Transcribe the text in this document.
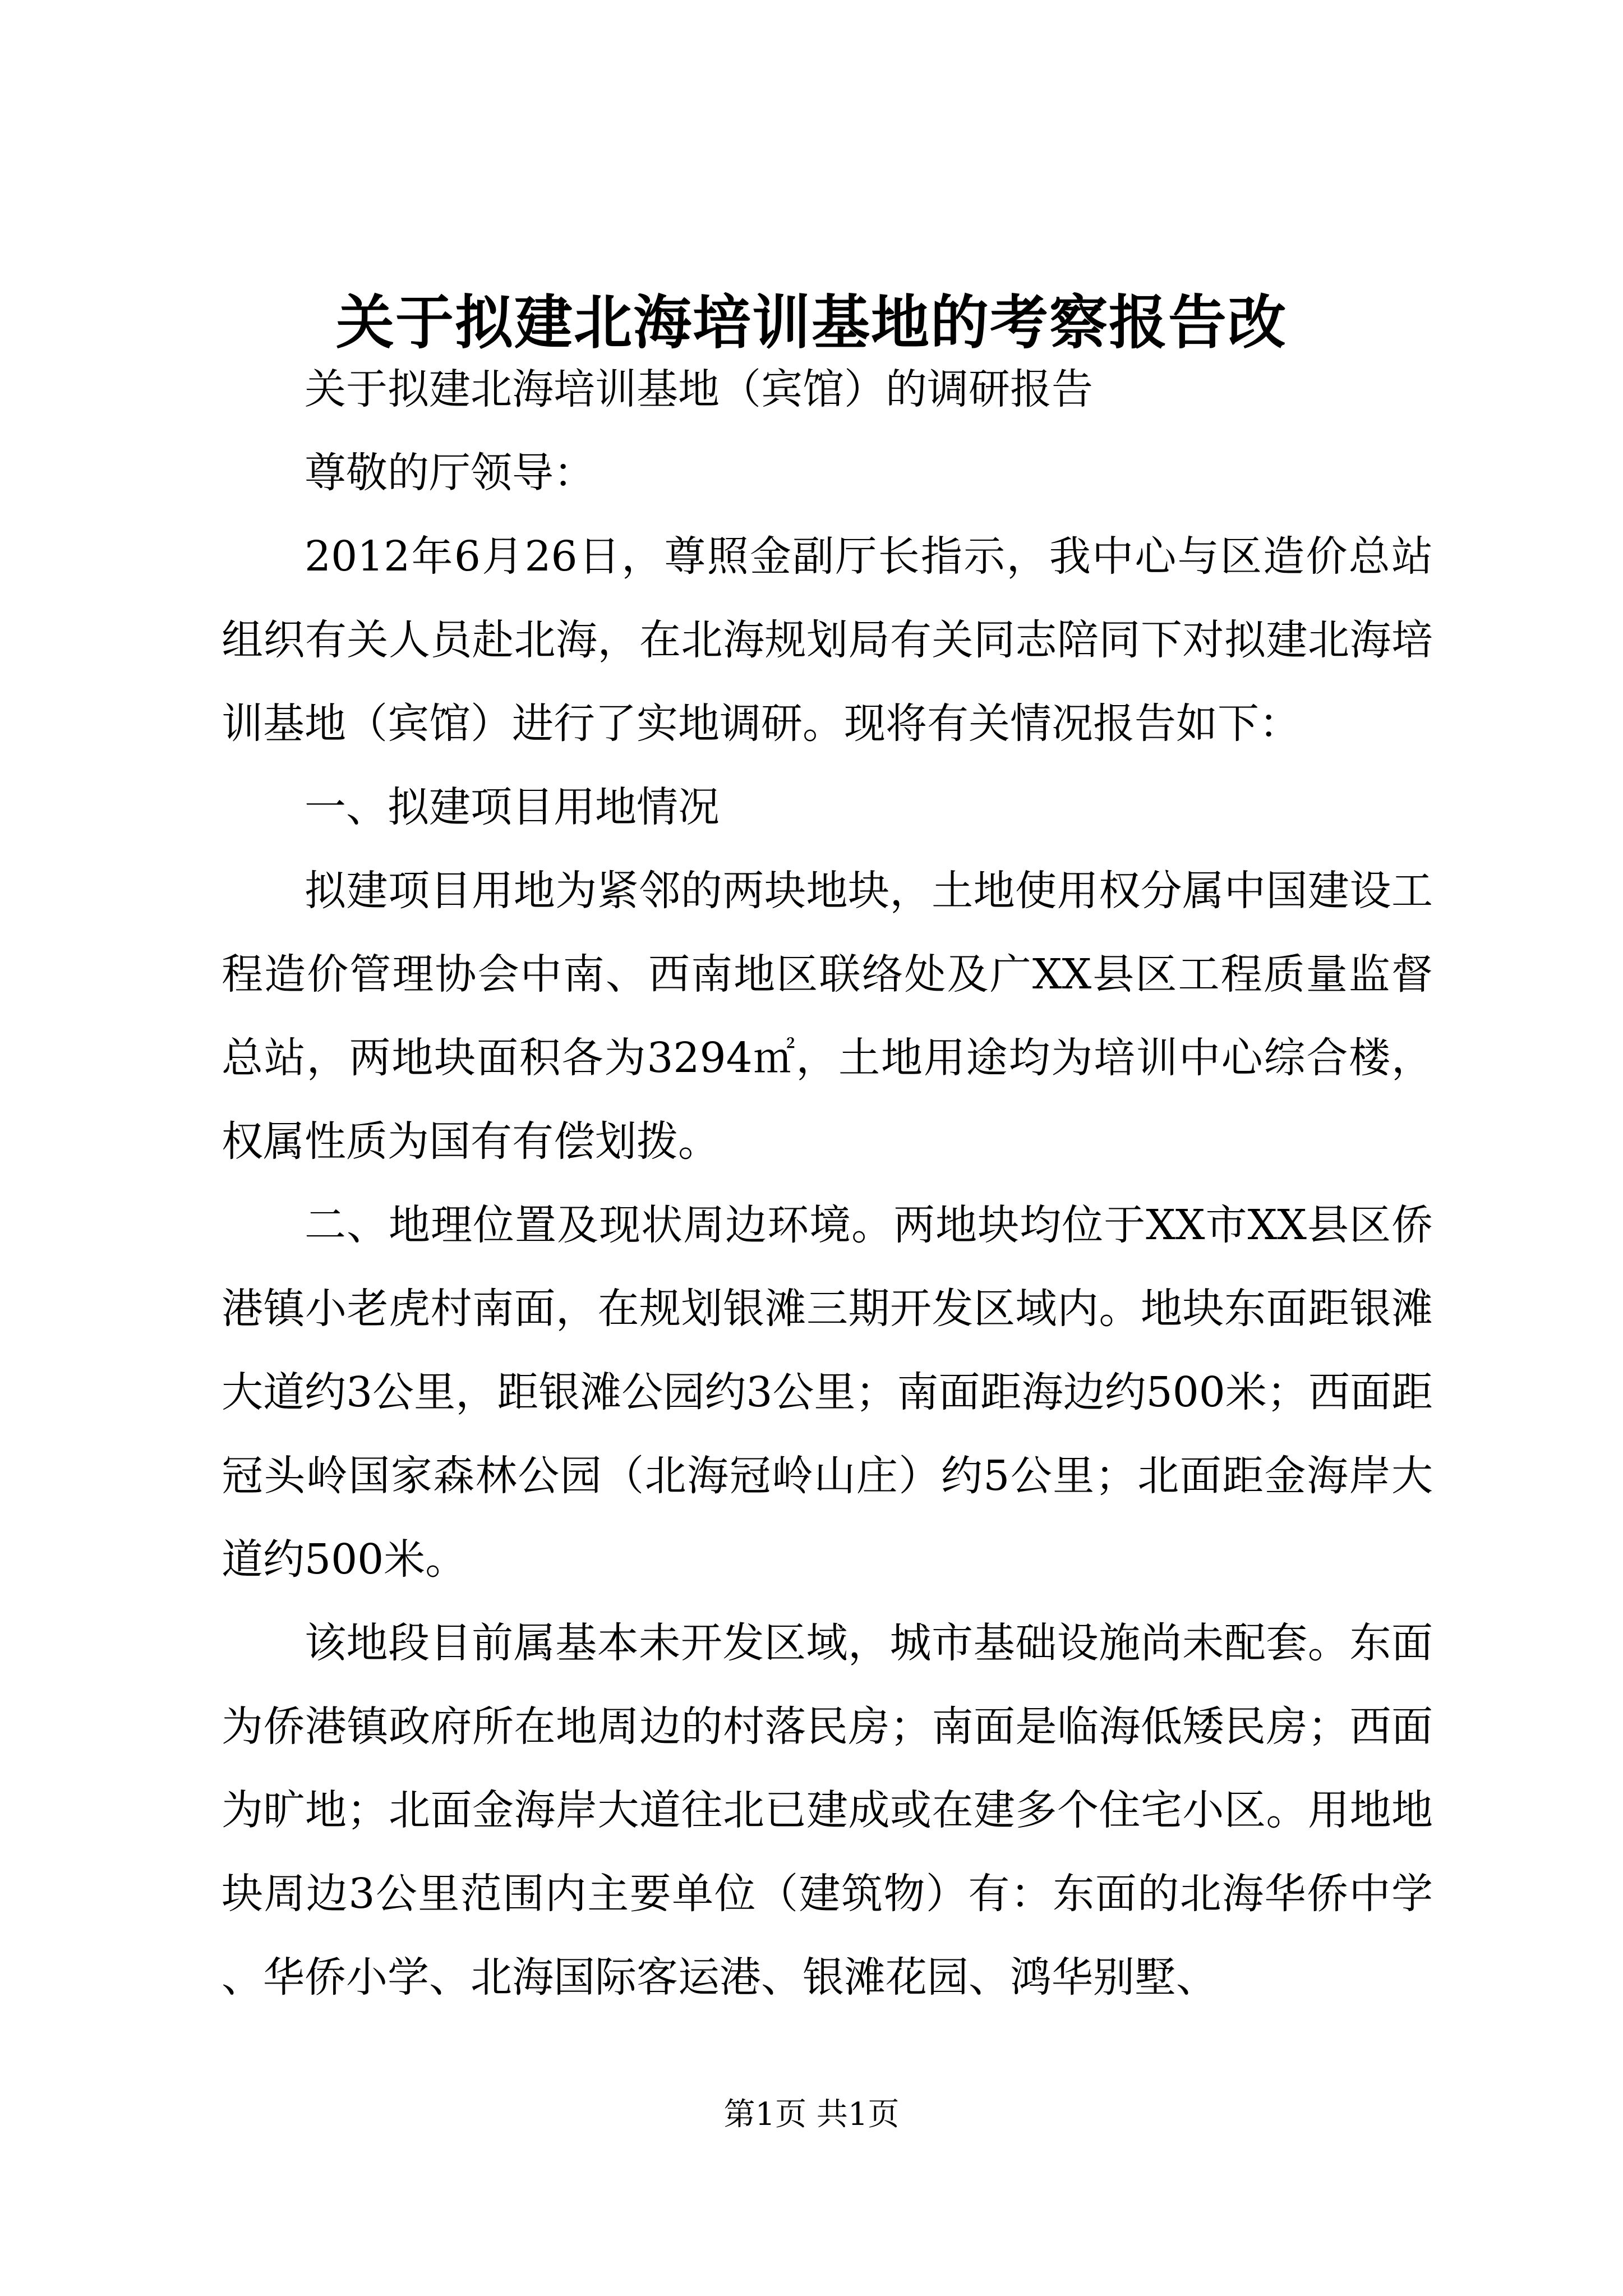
关于拟建北海培训基地的考察报告改

关于拟建北海培训基地（宾馆）的调研报告

尊敬的厅领导：

2012年6月26日，尊照金副厅长指示，我中心与区造价总站组织有关人员赴北海，在北海规划局有关同志陪同下对拟建北海培训基地（宾馆）进行了实地调研。现将有关情况报告如下：

一、拟建项目用地情况

拟建项目用地为紧邻的两块地块，土地使用权分属中国建设工程造价管理协会中南、西南地区联络处及广XX县区工程质量监督总站，两地块面积各为3294㎡，土地用途均为培训中心综合楼，权属性质为国有有偿划拨。

二、地理位置及现状周边环境。两地块均位于XX市XX县区侨港镇小老虎村南面，在规划银滩三期开发区域内。地块东面距银滩大道约3公里，距银滩公园约3公里；南面距海边约500米；西面距冠头岭国家森林公园（北海冠岭山庄）约5公里；北面距金海岸大道约500米。

该地段目前属基本未开发区域，城市基础设施尚未配套。东面为侨港镇政府所在地周边的村落民房；南面是临海低矮民房；西面为旷地；北面金海岸大道往北已建成或在建多个住宅小区。用地地块周边3公里范围内主要单位（建筑物）有：东面的北海华侨中学、华侨小学、北海国际客运港、银滩花园、鸿华别墅、

第1页 共1页
